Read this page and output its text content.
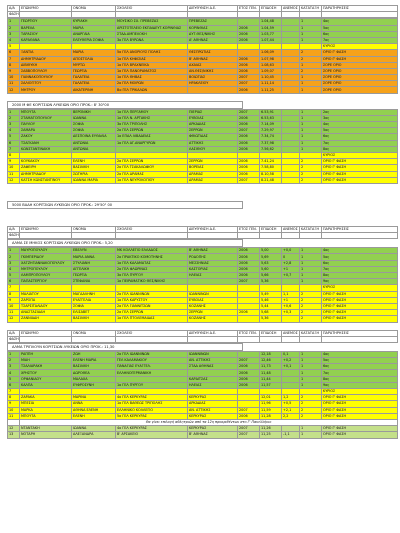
Α/Α	ΕΠΩΝΥΜΟ	ΟΝΟΜΑ	ΣΧΟΛΕΙΟ	ΔΙΕΥΘΥΝΣΗ Δ.Ε.	ΕΤΟΣ ΓΕΝ.	ΕΠΙΔΟΣΗ	ΑΝΕΜΟΣ	ΚΑΤΑΤΑΞΗ	ΠΑΡΑΤΗΡΗΣΕΙΣ
ΦΑΣΗ									
1	ΓΕΩΡΓΙΟΥ	ΚΥΡΙΑΚΗ	ΜΟΥΣΙΚΟ ΣΧ. ΠΡΕΒΕΖΑΣ	ΠΡΕΒΕΖΑΣ		1.04,48		1	4ος
2	ΒΑΡΕΛΑ	ΜΑΡΙΑ	ΑΡΙΣΤΟΤΕΛΕΙΟ ΕΚΠΑΙΔΕΥΤ.ΚΟΡΙΝΘΙΑΣ	ΚΟΡΙΝΘΙΑΣ	2006	1.04,59		1	5ος
3	ΤΑΡΑΣΙΟΥ	ΑΝΑΡΓΑΙΑ	ΣΤΑΔ.ΑΜΠΕΛΟΚΗ	ΔΥΤ.ΘΕΣ/ΝΙΚΗΣ	2006	1.03,77		1	6ος
4	ΚΑΡΑΘΑΝΑ	ΕΛΕΥΘΕΡΙΑ ΣΟΦΙΑ	3ο ΓΕΛ ΒΥΡΩΝΑ	Α' ΑΘΗΝΑΣ	2006	1.07,44		1	7ος
5									ΚΥΡΙΟΣ
6	ΞΑΝΤΙΑ	ΜΑΡΙΑ	5ο ΓΕΛ ΑΝΟΡΙΟΥΣ ΠΟΛΗΣ	ΘΕΣΠΡΩΤΙΑΣ		1.06,09		2	ΟΡΙΟ Γ' ΦΑΣΗ
7	ΔΗΜΗΤΡΙΑΔΟΥ	ΑΠΟΣΤΟΛΙΑ	1ο ΓΕΛ ΚΗΦΙΣΙΑΣ	Β' ΑΘΗΝΑΣ	2006	1.07,98		2	ΟΡΙΟ Γ' ΦΑΣΗ
8	ΔΙΒΙΘΥΚΗ	ΜΥΡΤΩ	1ο ΓΕΛ ΒΡΑΧΝΕΙΚΑ	ΑΧΑΪΑΣ	2006	1.08,63		1	ΣΟΡΕ ΟΡΙΟ
9	ΣΑΒΒΟΠΟΥΛΟΥ	ΓΕΩΡΓΙΑ	1ο ΓΕΛ ΠΑΝΟΡΑΜΑΤΟΣ	ΑΝ.ΘΕΣ/ΝΙΚΗΣ	2006	1.09,07		2	ΣΟΡΕ ΟΡΙΟ
10	ΓΙΑΝΝΑΚΟΠΟΥΛΟΥ	ΓΑΛΑΤΕΙΑ	1ο ΓΕΛ ΘΗΒΑΣ	ΒΟΙΩΤΙΑΣ	2007	1.10,45		1	ΣΟΡΕ ΟΡΙΟ
11	ΣΑΛΙΟΓΙΤΟΥ	ΓΑΛΑΤΕΙΑ	2ο ΓΕΛ ΜΟΙΡΩΝ	ΗΡΑΚΛΕΙΟΥ	2007	1.11,14		1	ΣΟΡΕ ΟΡΙΟ
12	ΜΗΤΡΟΥ	ΑΙΚΑΤΕΡΙΝΗ	Βο ΓΕΛ ΤΡΙΚΑΛΩΝ		2006	1.11,25		1	ΣΟΡΕ ΟΡΙΟ
2000 Μ ΦΕ ΚΟΡΙΤΣΙΩΝ ΛΥΚΕΙΩΝ ΟΡΙΟ ΠΡΟΚ.: 8' 30"00
1	ΜΠΟΥΤΑ	ΒΕΡΟΝΙΚΗ	1ο ΓΕΛ ΠΕΡΓΑΜΟΥ	ΠΙΕΡΙΑΣ	2007	6.53,91		1	2ος
2	ΣΤΑΜΑΤΟΠΟΥΛΟΥ	ΙΩΑΝΝΑ	1ο ΓΕΛ Ν. ΑΡΤΑΚΗΣ	ΕΥΒΟΙΑΣ	2006	6.53,63		1	3ος
3	ΠΑΥΛΟΥ	ΣΟΦΙΑ	3ο ΓΕΛ ΤΡΙΠΟΛΗΣ	ΑΡΚΑΔΙΑΣ	2006	7.14,09		1	4ος
4	ΣΑΜΑΡΑ	ΣΟΦΙΑ	2ο ΓΕΛ ΣΕΡΡΩΝ	ΣΕΡΡΩΝ	2007	7.29,97		1	5ος
5	ΖΑΚΟΥ	ΔΕΣΠΟΙΝΑ ΕΥΘΑΛΙΑ	1ο ΕΠΑΛ ΛΙΒΑΔΕΙΑΣ	ΦΘΙΩΤΙΔΑΣ	2006	7.34,74		1	6ος
6	ΤΣΑΓΚΑΝΗ	ΑΝΤΩΝΙΑ	1ο ΓΕΛ ΑΓ.ΑΝΑΡΓΥΡΩΝ	ΑΤΤΙΚΗΣ	2006	7.37,98		1	7ος
7	ΚΩΝΣΤΑΝΤΙΝΑΚΗ	ΑΝΤΩΝΙΑ		ΛΑΣΙΘΙΟΥ	2006	7.56,62		1	8ος
8									ΚΥΡΙΟΣ
9	ΚΟΥΚΑΚΟΥ	ΕΛΕΝΗ	2ο ΓΕΛ ΣΕΡΡΩΝ	ΣΕΡΡΩΝ	2006	7.41,24		2	ΟΡΙΟ Γ' ΦΑΣΗ
10	ΖΑΦΕΙΡΗ	ΒΑΣΙΛΙΚΗ	2ο ΓΕΛ ΤΣΑΚΑΛΩΦΙΟΥ	ΒΟΡΕΙΑΣ	2006	7.58,80		2	ΟΡΙΟ Γ' ΦΑΣΗ
11	ΔΗΜΗΤΡΙΑΔΟΥ	ΣΩΤΗΡΙΑ	2ο ΓΕΛ ΔΡΑΜΑΣ	ΔΡΑΜΑΣ	2006	8.10,58		2	ΟΡΙΟ Γ' ΦΑΣΗ
12	ΚΑΤΣΗ ΚΩΝΣΤΑΝΤΙΝΟΥ	ΙΩΑΝΝΑ ΜΑΡΙΑ	1ο ΓΕΛ ΝΕΥΡΟΚΟΠΙΟΥ	ΔΡΑΜΑΣ	2007	8.21,48		2	ΟΡΙΟ Γ' ΦΑΣΗ
5000 ΒΑΔΗ ΚΟΡΙΤΣΙΩΝ ΛΥΚΕΙΩΝ ΟΡΙΟ ΠΡΟΚ.: 29'50" 00
Α/Α	ΕΠΩΝΥΜΟ	ΟΝΟΜΑ	ΣΧΟΛΕΙΟ	ΔΙΕΥΘΥΝΣΗ Δ.Ε.	ΕΤΟΣ ΓΕΝ.	ΕΠΙΔΟΣΗ	ΑΝΕΜΟΣ	ΚΑΤΑΤΑΞΗ	ΠΑΡΑΤΗΡΗΣΕΙΣ
ΦΑΣΗ									
ΑΛΜΑ ΣΕ ΜΗΚΟΣ ΚΟΡΙΤΣΙΩΝ ΛΥΚΕΙΩΝ ΟΡΙΟ ΠΡΟΚ.: 5,20
1	ΜΑΥΡΟΠΟΥΛΟΥ	ΕΒΕΛΥΝ	ΜΚ ΚΟΛΛΕΓΙΟ ΕΛΛΑΔΟΣ	Β' ΑΘΗΝΑΣ	2006	5,00	+0,0	1	4ος
2	ΓΚΙΜΠΕΡΙΔΟΥ	ΜΑΡΙΑ ΑΝΝΑ	2ο ΠΡΑΚΤΙΚΟ ΚΟΜΟΤΗΝΗΣ	ΡΟΔΟΠΗΣ	2006	5,69	0	1	5ος
3	ΧΑΤΖΗΓΙΑΝΝΑΚΟΠΟΥΛΟΥ	ΣΤΥΛΙΑΝΗ	1ο ΓΕΛ ΚΑΛΑΜΑΤΑΣ	ΜΕΣΣΗΝΙΑΣ	2006	5,63	+2,8	1	6ος
4	ΜΗΤΡΟΠΟΥΛΟΥ	ΑΓΓΕΛΙΚΗ	2ο ΓΕΛ ΦΛΩΡΙΝΑΣ	ΚΑΣΤΟΡΙΑΣ	2006	5,60	+1	1	7ος
5	ΛΑΜΠΡΟΠΟΥΛΟΥ	ΓΕΩΡΓΙΑ	3ο ΓΕΛ ΠΥΡΓΟΥ	ΗΛΕΙΑΣ	2006	5,66	+0,7	1	8ος
6	ΠΑΠΑΣΤΕΡΓΙΟΥ	ΣΤΕΦΑΝΙΑ	1ο ΠΕΙΡΑΜΑΤΙΚΟ ΘΕΣ/ΝΙΚΗΣ		2007	5,36		1	9ος
7									ΚΥΡΙΟΣ
8	ΜΑΛΙΑΤΟΥ	ΜΑΓΔΑΛΗΝΗ	2ο ΓΕΛ ΙΩΑΝΝΙΝΩΝ	ΙΩΑΝΝΙΝΩΝ		5,49	1,1	2	ΟΡΙΟ Γ' ΦΑΣΗ
9	ΖΑΡΟΠΑ	ΕΥΑΓΓΕΛΙΑ	1ο ΓΕΛ ΚΑΡΥΣΤΟΥ	ΕΥΒΟΙΑΣ		5,46	+1	2	ΟΡΙΟ Γ' ΦΑΣΗ
10	ΤΣΑΡΣΙΤΑΛΙΔΟΥ	ΣΟΦΙΑ	2ο ΓΕΛ ΓΙΑΝΝΙΤΣΩΝ	ΚΟΖΑΝΗΣ		5,44	+0,6	2	ΟΡΙΟ Γ' ΦΑΣΗ
11	ΑΝΑΣΤΑΣΙΑΔΗ	ΕΛΙΣΑΒΕΤ	2ο ΓΕΛ ΣΕΡΡΩΝ	ΣΕΡΡΩΝ	2006	5,68	+0,3	2	ΟΡΙΟ Γ' ΦΑΣΗ
12	ΖΑΝΝΙΑΔΗ	ΒΑΣΙΛΙΚΗ	1ο ΓΕΛ ΠΤΟΛΕΜΑΙΔΑΣ	ΚΟΖΑΝΗΣ		5,36		2	ΟΡΙΟ Γ' ΦΑΣΗ
Α/Α	ΕΠΩΝΥΜΟ	ΟΝΟΜΑ	ΣΧΟΛΕΙΟ	ΔΙΕΥΘΥΝΣΗ Δ.Ε.	ΕΤΟΣ ΓΕΝ.	ΕΠΙΔΟΣΗ	ΑΝΕΜΟΣ	ΚΑΤΑΤΑΞΗ	ΠΑΡΑΤΗΡΗΣΕΙΣ
ΦΑΣΗ									
ΑΛΜΑ ΤΡΙΠΛΟΥΝ ΚΟΡΙΤΣΙΩΝ ΛΥΚΕΙΩΝ ΟΡΙΟ ΠΡΟΚ.: 11,30
1	ΡΑΠΠΗ	ΖΩΗ	2ο ΓΕΛ ΙΩΑΝΝΙΝΩΝ	ΙΩΑΝΝΙΝΩΝ		12,18	0,1	1	4ος
2	ΜΙΑΗ	ΕΛΕΝΗ ΜΑΡΙΑ	ΓΕΛ ΚΑΛΑΜΑΚΙΟΥ	ΑΝ. ΑΤΤΙΚΗΣ	2007	12,46	+0,2	1	5ος
3	ΤΣΑΛΙΑΡΑΚΗ	ΒΑΣΙΛΙΚΗ	ΠΑΝΑΓΙΑΣ ΕΥΑΓΓΕΛ.	ΣΤΑΔ ΑΘΗΝΑΣ	2006	11,73	+0,1	1	6ος
4	ΧΡΗΣΤΟΥ	ΔΩΡΟΘΕΑ	ΕΛΛΗΝΟΓΕΡΜΑΝΙΚΗ		2006	11,48		1	7ος
5	ΟΡΦΑΝΙΔΟΥ	ΜΑΛΑΧΑ		ΚΑΡΔΙΤΣΑΣ	2006	11,44		1	8ος
6	ΚΑΛΠΑ	ΕΥΦΡΟΣΥΝΗ	1ο ΓΕΛ ΠΥΡΓΟΥ	ΗΛΕΙΑΣ	2006	11,57		1	9ος
7									ΚΥΡΙΟΣ
8	ΖΑΡΑΚΑ	ΜΑΡΙΝΑ	4ο ΓΕΛ ΚΕΡΚΥΡΑΣ	ΚΕΡΚΥΡΑΣ		12,01	1,2	2	ΟΡΙΟ Γ' ΦΑΣΗ
9	ΜΠΕΣΙΑ	ΑΝΝΑ	1ο ΓΕΛ ΒΑΘΕΩΣ ΤΡΙΠΟΛΗΣ	ΑΡΚΑΔΙΑΣ		11,96	+0,5	2	ΟΡΙΟ Γ' ΦΑΣΗ
10	ΜΑΡΚΑ	ΑΘΗΝΑ ΕΛΕΝΗ	ΕΛΛΗΝΙΚΟ ΚΟΛΛΕΓΙΟ	ΑΝ. ΑΤΤΙΚΗΣ	2007	11,59	+2,1	2	ΟΡΙΟ Γ' ΦΑΣΗ
11	ΜΠΟΥΤΑ	ΕΛΕΝΗ	5ο ΓΕΛ ΚΕΡΚΥΡΑΣ	ΚΕΡΚΥΡΑΣ	2006	11,28	2,2	2	ΟΡΙΟ Γ' ΦΑΣΗ
	Θα γίνει επιλογή αθλητριών από τα 12η προκριθέντων στο Γ' Πανελλήνιο								
12	ΝΤΑΝΤΑΚΗ	ΙΩΑΝΝΑ	4ο ΓΕΛ ΚΕΡΚΥΡΑΣ	ΚΕΡΚΥΡΑΣ	2007	11,26		1	ΟΡΙΟ Γ' ΦΑΣΗ
13	ΝΟΤΑΡΗ	ΑΛΕΞΑΝΔΡΑ	Β' ΑΡΣΑΚΕΙΟ	Β' ΑΘΗΝΑΣ	2007	11,25	-1,1	1	ΟΡΙΟ Γ' ΦΑΣΗ
